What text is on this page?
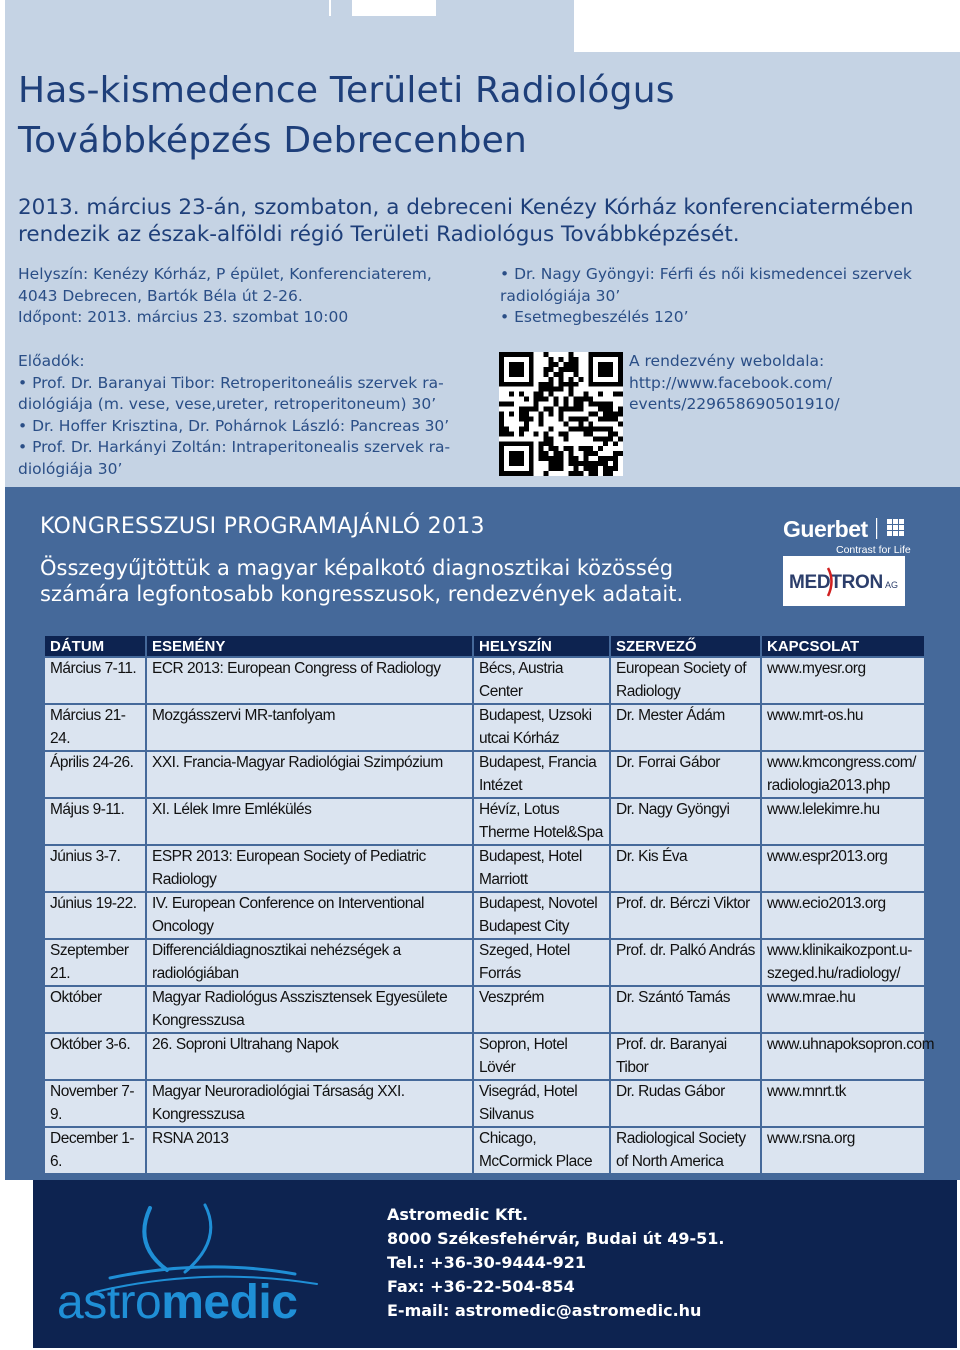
Has-kismedence Területi Radiológus
Továbbképzés Debrecenben
2013. március 23-án, szombaton, a debreceni Kenézy Kórház konferenciatermében
rendezik az észak-alföldi régió Területi Radiológus Továbbképzését.
Helyszín: Kenézy Kórház, P épület, Konferenciaterem,
4043 Debrecen, Bartók Béla út 2-26.
Időpont: 2013. március 23. szombat 10:00
• Dr. Nagy Gyöngyi: Férfi és női kismedencei szervek
radiológiája 30’
• Esetmegbeszélés 120’
Előadók:
• Prof. Dr. Baranyai Tibor: Retroperitoneális szervek ra-
diológiája (m. vese, vese,ureter, retroperitoneum) 30’
• Dr. Hoffer Krisztina, Dr. Pohárnok László: Pancreas 30’
• Prof. Dr. Harkányi Zoltán: Intraperitonealis szervek ra-
diológiája 30’
A rendezvény weboldala:
http://www.facebook.com/
events/229658690501910/
KONGRESSZUSI PROGRAMAJÁNLÓ 2013
Összegyűjtöttük a magyar képalkotó diagnosztikai közösség
számára legfontosabb kongresszusok, rendezvények adatait.
Guerbet
Contrast for Life
MEDTRON AG
DÁTUM	ESEMÉNY	HELYSZÍN	SZERVEZŐ	KAPCSOLAT
Március 7-11.	ECR 2013: European Congress of Radiology	Bécs, Austria Center	European Society of Radiology	www.myesr.org
Március 21-24.	Mozgásszervi MR-tanfolyam	Budapest, Uzsoki utcai Kórház	Dr. Mester Ádám	www.mrt-os.hu
Április 24-26.	XXI. Francia-Magyar Radiológiai Szimpózium	Budapest, Francia Intézet	Dr. Forrai Gábor	www.kmcongress.com/ radiologia2013.php
Május 9-11.	XI. Lélek Imre Emlékülés	Hévíz, Lotus Therme Hotel&Spa	Dr. Nagy Gyöngyi	www.lelekimre.hu
Június 3-7.	ESPR 2013: European Society of Pediatric Radiology	Budapest, Hotel Marriott	Dr. Kis Éva	www.espr2013.org
Június 19-22.	IV. European Conference on Interventional Oncology	Budapest, Novotel Budapest City	Prof. dr. Bérczi Viktor	www.ecio2013.org
Szeptember 21.	Differenciáldiagnosztikai nehézségek a radiológiában	Szeged, Hotel Forrás	Prof. dr. Palkó András	www.klinikaikozpont.u-szeged.hu/radiology/
Október	Magyar Radiológus Asszisztensek Egyesülete Kongresszusa	Veszprém	Dr. Szántó Tamás	www.mrae.hu
Október 3-6.	26. Soproni Ultrahang Napok	Sopron, Hotel Lövér	Prof. dr. Baranyai Tibor	www.uhnapoksopron.com
November 7-9.	Magyar Neuroradiológiai Társaság XXI. Kongresszusa	Visegrád, Hotel Silvanus	Dr. Rudas Gábor	www.mnrt.tk
December 1-6.	RSNA 2013	Chicago, McCormick Place	Radiological Society of North America	www.rsna.org
astromedic
Astromedic Kft.
8000 Székesfehérvár, Budai út 49-51.
Tel.: +36-30-9444-921
Fax: +36-22-504-854
E-mail: astromedic@astromedic.hu
